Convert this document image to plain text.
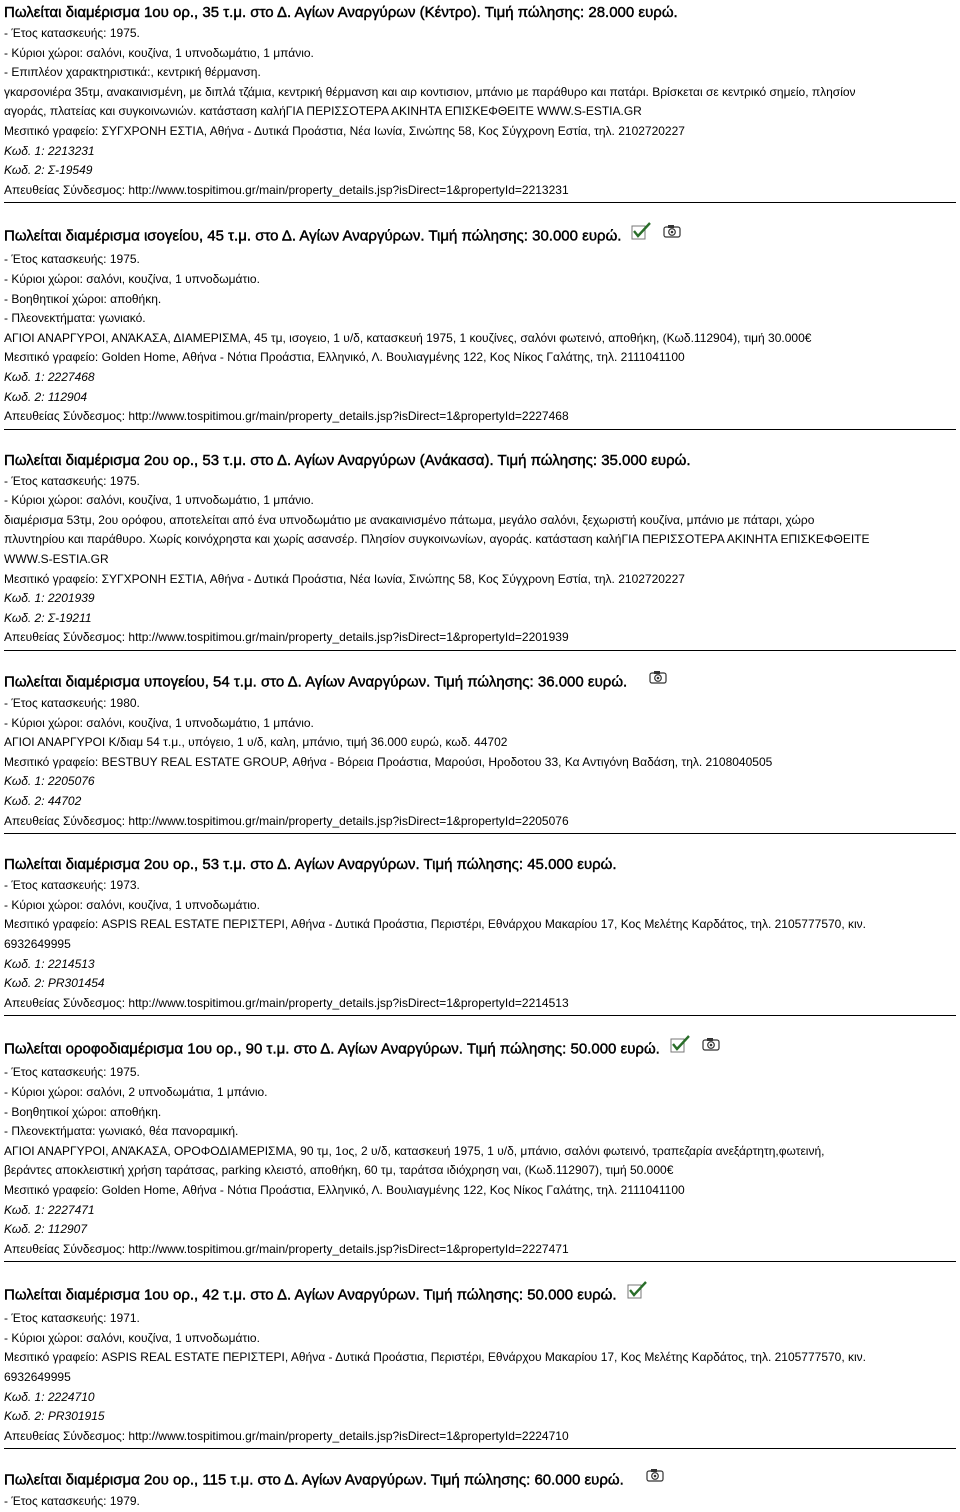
Πωλείται διαμέρισμα 1ου ορ., 35 τ.μ. στο Δ. Αγίων Αναργύρων (Κέντρο). Τιμή πώλησης: 28.000 ευρώ.
- Έτος κατασκευής: 1975.
- Κύριοι χώροι: σαλόνι, κουζίνα, 1 υπνοδωμάτιο, 1 μπάνιο.
- Επιπλέον χαρακτηριστικά:, κεντρική θέρμανση.
γκαρσονιέρα 35τμ, ανακαινισμένη, με διπλά τζάμια, κεντρική θέρμανση και αιρ κοντισιον, μπάνιο με παράθυρο και πατάρι. Βρίσκεται σε κεντρικό σημείο, πλησίον
αγοράς, πλατείας και συγκοινωνιών. κατάσταση καλήΓΙΑ ΠΕΡΙΣΣΟΤΕΡΑ ΑΚΙΝΗΤΑ ΕΠΙΣΚΕΦΘΕΙΤΕ WWW.S-ESTIA.GR
Μεσιτικό γραφείο: ΣΥΓΧΡΟΝΗ ΕΣΤΙΑ, Αθήνα - Δυτικά Προάστια, Νέα Ιωνία, Σινώπης 58, Κος Σύγχρονη Εστία, τηλ. 2102720227
Κωδ. 1: 2213231
Κωδ. 2: Σ-19549
Απευθείας Σύνδεσμος: http://www.tospitimou.gr/main/property_details.jsp?isDirect=1&propertyId=2213231
Πωλείται διαμέρισμα ισογείου, 45 τ.μ. στο Δ. Αγίων Αναργύρων. Τιμή πώλησης: 30.000 ευρώ.
- Έτος κατασκευής: 1975.
- Κύριοι χώροι: σαλόνι, κουζίνα, 1 υπνοδωμάτιο.
- Βοηθητικοί χώροι: αποθήκη.
- Πλεονεκτήματα: γωνιακό.
ΑΓΙΟΙ ΑΝΑΡΓΥΡΟΙ, ΑΝΆΚΑΣΑ, ΔΙΑΜΕΡΙΣΜΑ, 45 τμ, ισογειο, 1 υ/δ, κατασκευή 1975, 1 κουζίνες, σαλόνι φωτεινό, αποθήκη, (Κωδ.112904), τιμή 30.000€
Μεσιτικό γραφείο: Golden Home, Αθήνα - Νότια Προάστια, Ελληνικό, Λ. Βουλιαγμένης 122, Κος Νίκος Γαλάτης, τηλ. 2111041100
Κωδ. 1: 2227468
Κωδ. 2: 112904
Απευθείας Σύνδεσμος: http://www.tospitimou.gr/main/property_details.jsp?isDirect=1&propertyId=2227468
Πωλείται διαμέρισμα 2ου ορ., 53 τ.μ. στο Δ. Αγίων Αναργύρων (Ανάκασα). Τιμή πώλησης: 35.000 ευρώ.
- Έτος κατασκευής: 1975.
- Κύριοι χώροι: σαλόνι, κουζίνα, 1 υπνοδωμάτιο, 1 μπάνιο.
διαμέρισμα 53τμ, 2ου ορόφου, αποτελείται από ένα υπνοδωμάτιο με ανακαινισμένο πάτωμα, μεγάλο σαλόνι, ξεχωριστή κουζίνα, μπάνιο με πάταρι, χώρο
πλυντηρίου και παράθυρο. Χωρίς κοινόχρηστα και χωρίς ασανσέρ. Πλησίον συγκοινωνίων, αγοράς. κατάσταση καλήΓΙΑ ΠΕΡΙΣΣΟΤΕΡΑ ΑΚΙΝΗΤΑ ΕΠΙΣΚΕΦΘΕΙΤΕ
WWW.S-ESTIA.GR
Μεσιτικό γραφείο: ΣΥΓΧΡΟΝΗ ΕΣΤΙΑ, Αθήνα - Δυτικά Προάστια, Νέα Ιωνία, Σινώπης 58, Κος Σύγχρονη Εστία, τηλ. 2102720227
Κωδ. 1: 2201939
Κωδ. 2: Σ-19211
Απευθείας Σύνδεσμος: http://www.tospitimou.gr/main/property_details.jsp?isDirect=1&propertyId=2201939
Πωλείται διαμέρισμα υπογείου, 54 τ.μ. στο Δ. Αγίων Αναργύρων. Τιμή πώλησης: 36.000 ευρώ.
- Έτος κατασκευής: 1980.
- Κύριοι χώροι: σαλόνι, κουζίνα, 1 υπνοδωμάτιο, 1 μπάνιο.
ΑΓΙΟΙ ΑΝΑΡΓΥΡΟΙ Κ/διαμ 54 τ.μ., υπόγειο, 1 υ/δ, καλη, μπάνιο, τιμή 36.000 ευρώ, κωδ. 44702
Μεσιτικό γραφείο: BESTBUY REAL ESTATE GROUP, Αθήνα - Βόρεια Προάστια, Μαρούσι, Ηροδοτου 33, Κα Αντιγόνη Βαδάση, τηλ. 2108040505
Κωδ. 1: 2205076
Κωδ. 2: 44702
Απευθείας Σύνδεσμος: http://www.tospitimou.gr/main/property_details.jsp?isDirect=1&propertyId=2205076
Πωλείται διαμέρισμα 2ου ορ., 53 τ.μ. στο Δ. Αγίων Αναργύρων. Τιμή πώλησης: 45.000 ευρώ.
- Έτος κατασκευής: 1973.
- Κύριοι χώροι: σαλόνι, κουζίνα, 1 υπνοδωμάτιο.
Μεσιτικό γραφείο: ASPIS REAL ESTATE ΠΕΡΙΣΤΕΡΙ, Αθήνα - Δυτικά Προάστια, Περιστέρι, Εθνάρχου Μακαρίου 17, Κος Μελέτης Καρδάτος, τηλ. 2105777570, κιν.
6932649995
Κωδ. 1: 2214513
Κωδ. 2: PR301454
Απευθείας Σύνδεσμος: http://www.tospitimou.gr/main/property_details.jsp?isDirect=1&propertyId=2214513
Πωλείται οροφοδιαμέρισμα 1ου ορ., 90 τ.μ. στο Δ. Αγίων Αναργύρων. Τιμή πώλησης: 50.000 ευρώ.
- Έτος κατασκευής: 1975.
- Κύριοι χώροι: σαλόνι, 2 υπνοδωμάτια, 1 μπάνιο.
- Βοηθητικοί χώροι: αποθήκη.
- Πλεονεκτήματα: γωνιακό, θέα πανοραμική.
ΑΓΙΟΙ ΑΝΑΡΓΥΡΟΙ, ΑΝΆΚΑΣΑ, ΟΡΟΦΟΔΙΑΜΕΡΙΣΜΑ, 90 τμ, 1ος, 2 υ/δ, κατασκευή 1975, 1 υ/δ, μπάνιο, σαλόνι φωτεινό, τραπεζαρία ανεξάρτητη,φωτεινή,
βεράντες αποκλειστική χρήση ταράτσας, parking κλειστό, αποθήκη, 60 τμ, ταράτσα ιδιόχρηση ναι, (Κωδ.112907), τιμή 50.000€
Μεσιτικό γραφείο: Golden Home, Αθήνα - Νότια Προάστια, Ελληνικό, Λ. Βουλιαγμένης 122, Κος Νίκος Γαλάτης, τηλ. 2111041100
Κωδ. 1: 2227471
Κωδ. 2: 112907
Απευθείας Σύνδεσμος: http://www.tospitimou.gr/main/property_details.jsp?isDirect=1&propertyId=2227471
Πωλείται διαμέρισμα 1ου ορ., 42 τ.μ. στο Δ. Αγίων Αναργύρων. Τιμή πώλησης: 50.000 ευρώ.
- Έτος κατασκευής: 1971.
- Κύριοι χώροι: σαλόνι, κουζίνα, 1 υπνοδωμάτιο.
Μεσιτικό γραφείο: ASPIS REAL ESTATE ΠΕΡΙΣΤΕΡΙ, Αθήνα - Δυτικά Προάστια, Περιστέρι, Εθνάρχου Μακαρίου 17, Κος Μελέτης Καρδάτος, τηλ. 2105777570, κιν.
6932649995
Κωδ. 1: 2224710
Κωδ. 2: PR301915
Απευθείας Σύνδεσμος: http://www.tospitimou.gr/main/property_details.jsp?isDirect=1&propertyId=2224710
Πωλείται διαμέρισμα 2ου ορ., 115 τ.μ. στο Δ. Αγίων Αναργύρων. Τιμή πώλησης: 60.000 ευρώ.
- Έτος κατασκευής: 1979.
